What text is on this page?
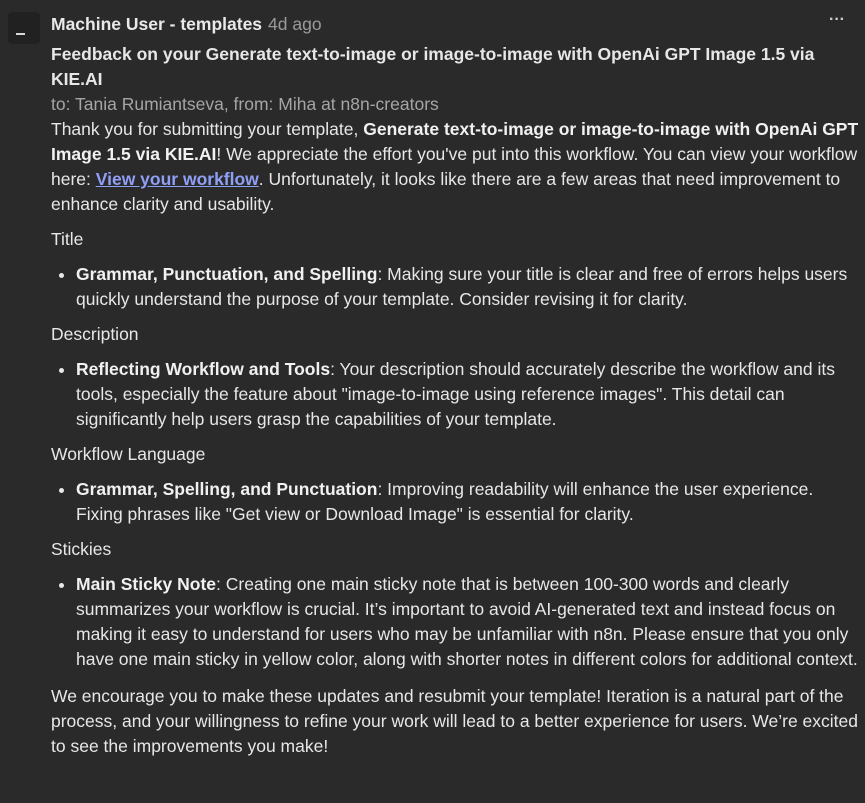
···
Machine User - templates 4d ago

Feedback on your Generate text-to-image or image-to-image with OpenAi GPT Image 1.5 via KIE.AI

to: Tania Rumiantseva, from: Miha at n8n-creators

Thank you for submitting your template, Generate text-to-image or image-to-image with OpenAi GPT Image 1.5 via KIE.AI! We appreciate the effort you've put into this workflow. You can view your workflow here: View your workflow. Unfortunately, it looks like there are a few areas that need improvement to enhance clarity and usability.

Title

• Grammar, Punctuation, and Spelling: Making sure your title is clear and free of errors helps users quickly understand the purpose of your template. Consider revising it for clarity.

Description

• Reflecting Workflow and Tools: Your description should accurately describe the workflow and its tools, especially the feature about "image-to-image using reference images". This detail can significantly help users grasp the capabilities of your template.

Workflow Language

• Grammar, Spelling, and Punctuation: Improving readability will enhance the user experience. Fixing phrases like "Get view or Download Image" is essential for clarity.

Stickies

• Main Sticky Note: Creating one main sticky note that is between 100-300 words and clearly summarizes your workflow is crucial. It’s important to avoid AI-generated text and instead focus on making it easy to understand for users who may be unfamiliar with n8n. Please ensure that you only have one main sticky in yellow color, along with shorter notes in different colors for additional context.

We encourage you to make these updates and resubmit your template! Iteration is a natural part of the process, and your willingness to refine your work will lead to a better experience for users. We’re excited to see the improvements you make!
